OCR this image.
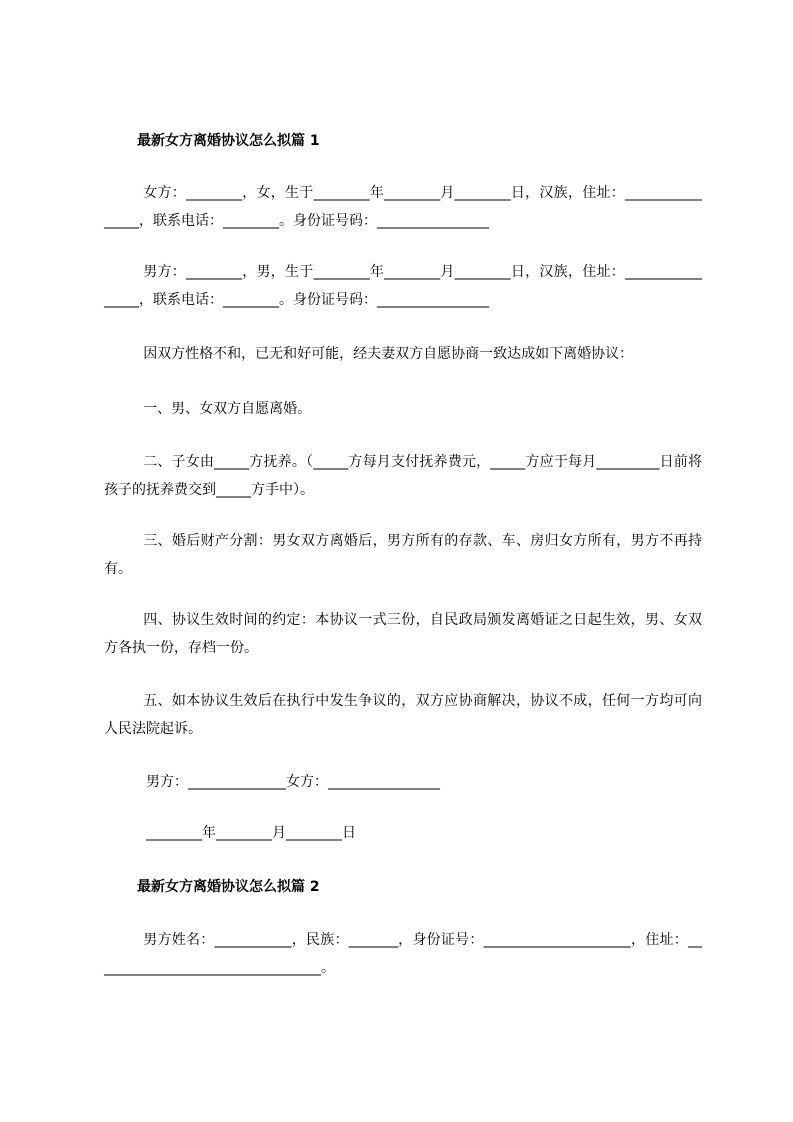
最新女方离婚协议怎么拟篇 1
女方：________，女，生于________年________月________日，汉族，住址：________________，联系电话：________。身份证号码：________________
男方：________，男，生于________年________月________日，汉族，住址：________________，联系电话：________。身份证号码：________________
因双方性格不和，已无和好可能，经夫妻双方自愿协商一致达成如下离婚协议：
一、男、女双方自愿离婚。
二、子女由_____方抚养。（_____方每月支付抚养费元，_____方应于每月_________日前将孩子的抚养费交到_____方手中）。
三、婚后财产分割：男女双方离婚后，男方所有的存款、车、房归女方所有，男方不再持有。
四、协议生效时间的约定：本协议一式三份，自民政局颁发离婚证之日起生效，男、女双方各执一份，存档一份。
五、如本协议生效后在执行中发生争议的，双方应协商解决，协议不成，任何一方均可向人民法院起诉。
男方：______________女方：________________
________年________月________日
最新女方离婚协议怎么拟篇 2
男方姓名：___________，民族：_______，身份证号：_____________________，住址：_________________________________。
